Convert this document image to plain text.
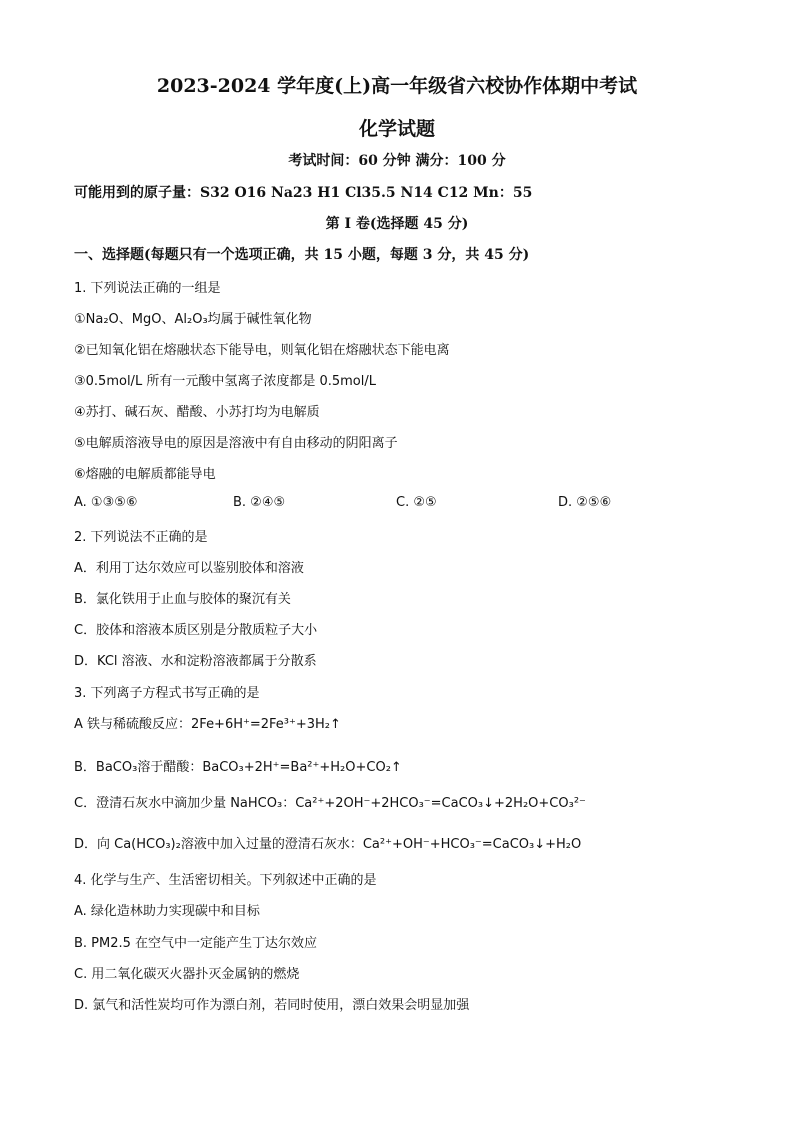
2023-2024 学年度(上)高一年级省六校协作体期中考试
化学试题
考试时间：60 分钟 满分：100 分
可能用到的原子量：S32 O16 Na23 H1 Cl35.5 N14 C12 Mn：55
第 I 卷(选择题 45 分)
一、选择题(每题只有一个选项正确，共 15 小题，每题 3 分，共 45 分)
1. 下列说法正确的一组是
①Na₂O、MgO、Al₂O₃均属于碱性氧化物
②已知氧化铝在熔融状态下能导电，则氧化铝在熔融状态下能电离
③0.5mol/L 所有一元酸中氢离子浓度都是 0.5mol/L
④苏打、碱石灰、醋酸、小苏打均为电解质
⑤电解质溶液导电的原因是溶液中有自由移动的阴阳离子
⑥熔融的电解质都能导电
A. ①③⑤⑥	B. ②④⑤	C. ②⑤	D. ②⑤⑥
2. 下列说法不正确的是
A．利用丁达尔效应可以鉴别胶体和溶液
B．氯化铁用于止血与胶体的聚沉有关
C．胶体和溶液本质区别是分散质粒子大小
D．KCl 溶液、水和淀粉溶液都属于分散系
3. 下列离子方程式书写正确的是
A 铁与稀硫酸反应：2Fe+6H⁺=2Fe³⁺+3H₂↑
B．BaCO₃溶于醋酸：BaCO₃+2H⁺=Ba²⁺+H₂O+CO₂↑
C．澄清石灰水中滴加少量 NaHCO₃：Ca²⁺+2OH⁻+2HCO₃⁻=CaCO₃↓+2H₂O+CO₃²⁻
D．向 Ca(HCO₃)₂溶液中加入过量的澄清石灰水：Ca²⁺+OH⁻+HCO₃⁻=CaCO₃↓+H₂O
4. 化学与生产、生活密切相关。下列叙述中正确的是
A. 绿化造林助力实现碳中和目标
B. PM2.5 在空气中一定能产生丁达尔效应
C. 用二氧化碳灭火器扑灭金属钠的燃烧
D. 氯气和活性炭均可作为漂白剂，若同时使用，漂白效果会明显加强
